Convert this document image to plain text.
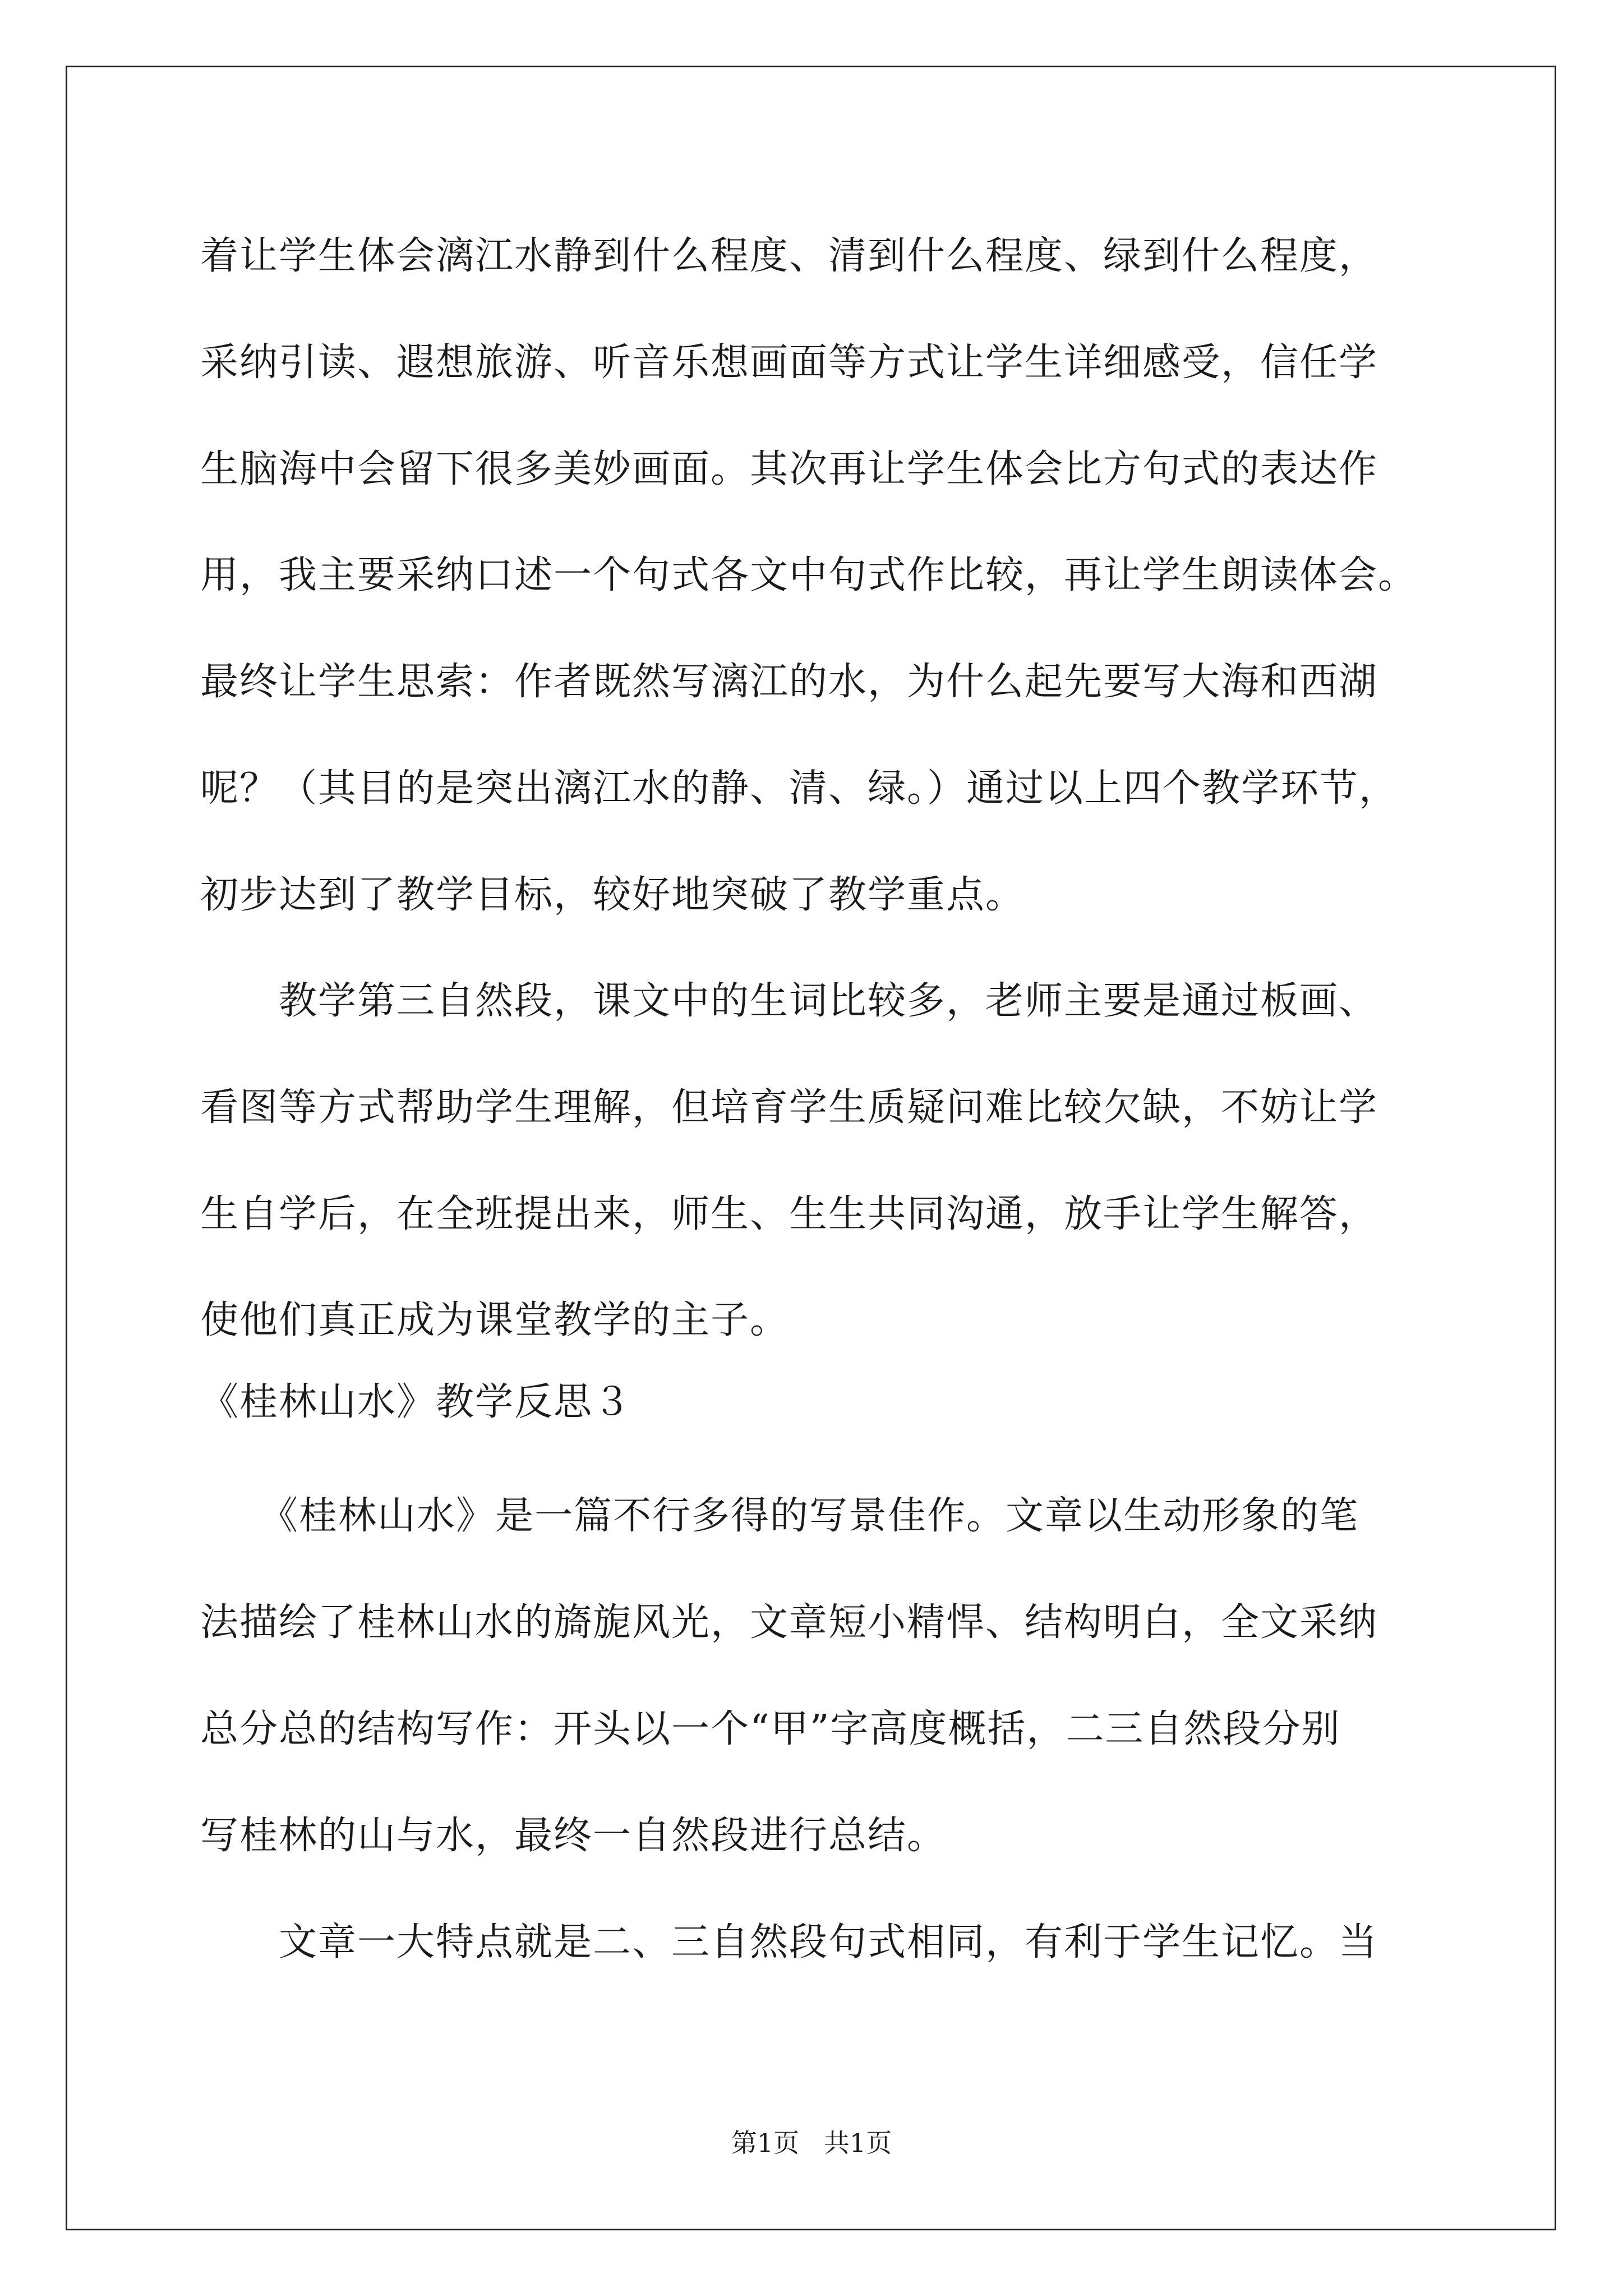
着让学生体会漓江水静到什么程度、清到什么程度、绿到什么程度，
采纳引读、遐想旅游、听音乐想画面等方式让学生详细感受，信任学
生脑海中会留下很多美妙画面。其次再让学生体会比方句式的表达作
用，我主要采纳口述一个句式各文中句式作比较，再让学生朗读体会。
最终让学生思索：作者既然写漓江的水，为什么起先要写大海和西湖
呢？（其目的是突出漓江水的静、清、绿。）通过以上四个教学环节，
初步达到了教学目标，较好地突破了教学重点。
　　教学第三自然段，课文中的生词比较多，老师主要是通过板画、
看图等方式帮助学生理解，但培育学生质疑问难比较欠缺，不妨让学
生自学后，在全班提出来，师生、生生共同沟通，放手让学生解答，
使他们真正成为课堂教学的主子。
《桂林山水》教学反思３
　　《桂林山水》是一篇不行多得的写景佳作。文章以生动形象的笔
法描绘了桂林山水的旖旎风光，文章短小精悍、结构明白，全文采纳
总分总的结构写作：开头以一个“甲”字高度概括，二三自然段分别
写桂林的山与水，最终一自然段进行总结。
　　文章一大特点就是二、三自然段句式相同，有利于学生记忆。当
第1页   共1页
